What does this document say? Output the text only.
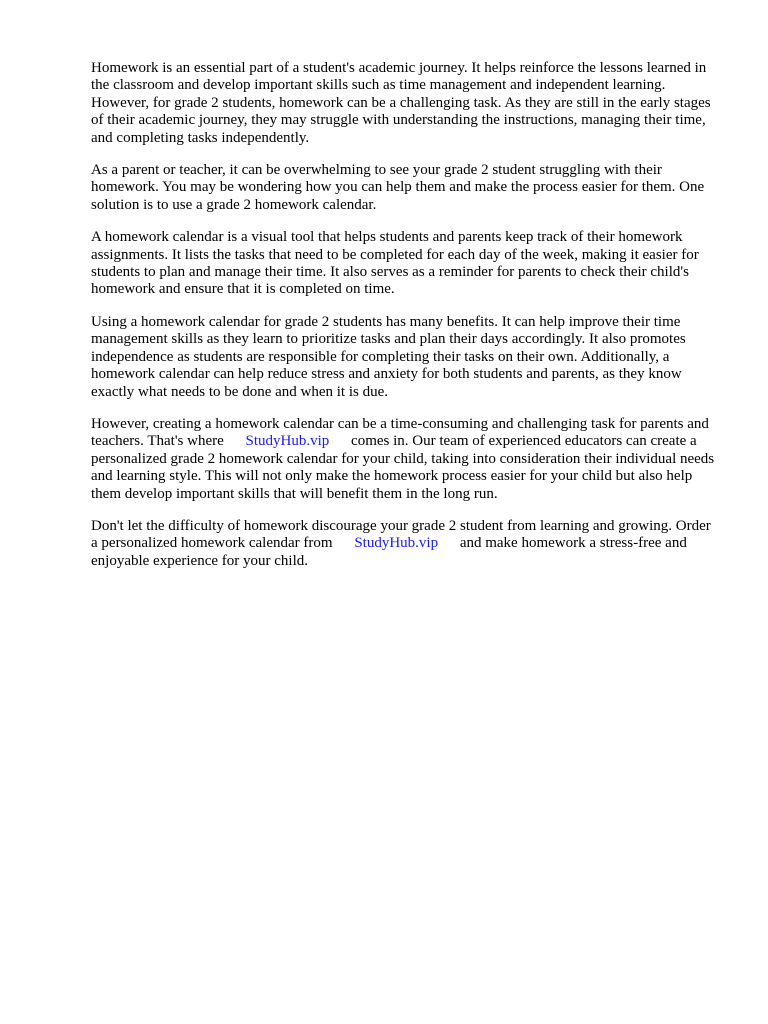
Homework is an essential part of a student's academic journey. It helps reinforce the lessons learned in the classroom and develop important skills such as time management and independent learning. However, for grade 2 students, homework can be a challenging task. As they are still in the early stages of their academic journey, they may struggle with understanding the instructions, managing their time, and completing tasks independently.

As a parent or teacher, it can be overwhelming to see your grade 2 student struggling with their homework. You may be wondering how you can help them and make the process easier for them. One solution is to use a grade 2 homework calendar.

A homework calendar is a visual tool that helps students and parents keep track of their homework assignments. It lists the tasks that need to be completed for each day of the week, making it easier for students to plan and manage their time. It also serves as a reminder for parents to check their child's homework and ensure that it is completed on time.

Using a homework calendar for grade 2 students has many benefits. It can help improve their time management skills as they learn to prioritize tasks and plan their days accordingly. It also promotes independence as students are responsible for completing their tasks on their own. Additionally, a homework calendar can help reduce stress and anxiety for both students and parents, as they know exactly what needs to be done and when it is due.

However, creating a homework calendar can be a time-consuming and challenging task for parents and teachers. That's where StudyHub.vip comes in. Our team of experienced educators can create a personalized grade 2 homework calendar for your child, taking into consideration their individual needs and learning style. This will not only make the homework process easier for your child but also help them develop important skills that will benefit them in the long run.

Don't let the difficulty of homework discourage your grade 2 student from learning and growing. Order a personalized homework calendar from StudyHub.vip and make homework a stress-free and enjoyable experience for your child.
